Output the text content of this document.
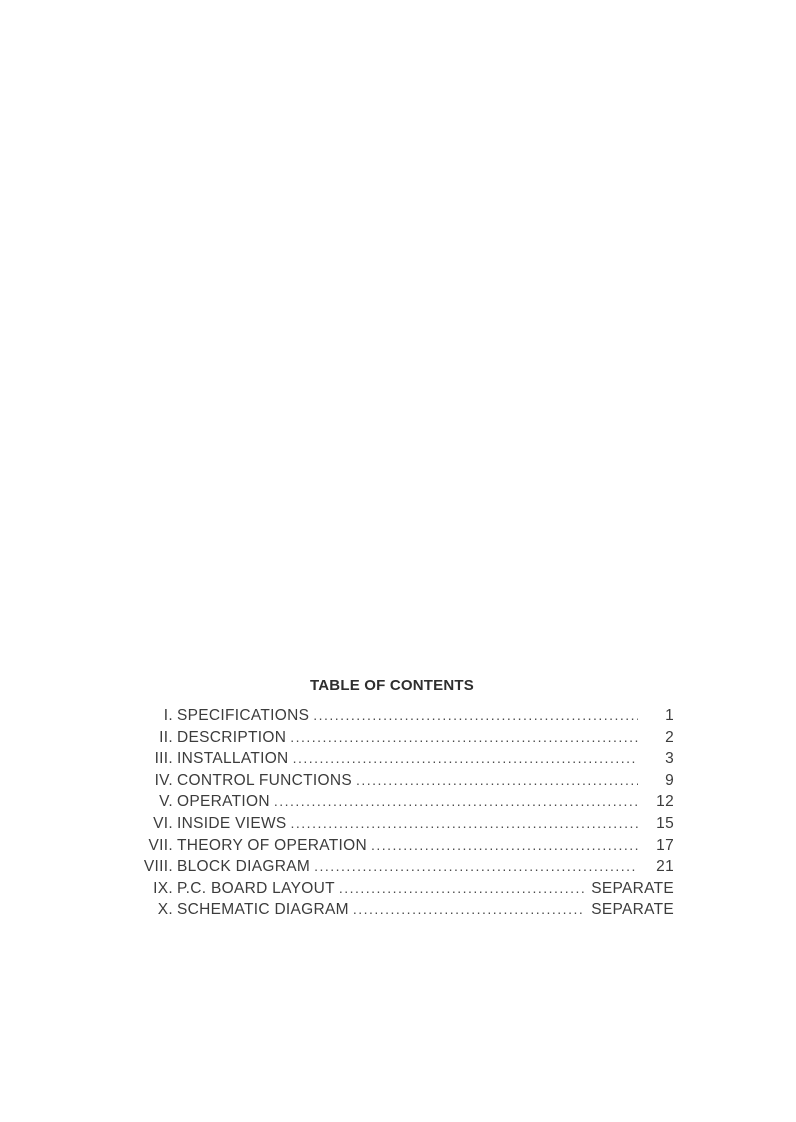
TABLE OF CONTENTS
I. SPECIFICATIONS . . .	1
II. DESCRIPTION . . .	2
III. INSTALLATION . . .	3
IV. CONTROL FUNCTIONS . . .	9
V. OPERATION . . .	12
VI. INSIDE VIEWS . . .	15
VII. THEORY OF OPERATION . . .	17
VIII. BLOCK DIAGRAM . . .	21
IX. P.C. BOARD LAYOUT . . .	SEPARATE
X. SCHEMATIC DIAGRAM . . .	SEPARATE
